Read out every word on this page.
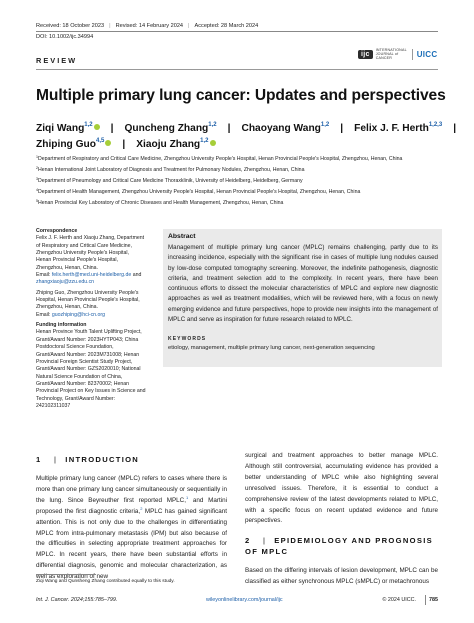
Received: 18 October 2023 | Revised: 14 February 2024 | Accepted: 28 March 2024
DOI: 10.1002/ijc.34994
ijc
INTERNATIONAL
JOURNAL of CANCER	UICC
REVIEW
Multiple primary lung cancer: Updates and perspectives
Ziqi Wang$^{1,2}$ | Quncheng Zhang$^{1,2}$ | Chaoyang Wang$^{1,2}$ | Felix J. F. Herth$^{1,2,3}$ |
Zhiping Guo$^{4,5}$ | Xiaoju Zhang$^{1,2}$
$^1$Department of Respiratory and Critical Care Medicine, Zhengzhou University People's Hospital, Henan Provincial People's Hospital, Zhengzhou, Henan, China
$^2$Henan International Joint Laboratory of Diagnosis and Treatment for Pulmonary Nodules, Zhengzhou, Henan, China
$^3$Department of Pneumology and Critical Care Medicine Thoraxklinik, University of Heidelberg, Heidelberg, Germany
$^4$Department of Health Management, Zhengzhou University People's Hospital, Henan Provincial People's Hospital, Zhengzhou, Henan, China
$^5$Henan Provincial Key Laboratory of Chronic Diseases and Health Management, Zhengzhou, Henan, China
Correspondence
Felix J. F. Herth and Xiaoju Zhang, Department
of Respiratory and Critical Care Medicine,
Zhengzhou University People's Hospital,
Henan Provincial People's Hospital,
Zhengzhou, Henan, China.
Email: felix.herth@med.uni-heidelberg.de and
zhangxiaoju@zzu.edu.cn
Zhiping Guo, Zhengzhou University People's
Hospital, Henan Provincial People's Hospital,
Zhengzhou, Henan, China.
Email: guozhiping@hci-cn.org
Funding information
Henan Province Youth Talent Uplifting Project,
Grant/Award Number: 2023HYTP043; China
Postdoctoral Science Foundation,
Grant/Award Number: 2023M731008; Henan
Provincial Foreign Scientist Study Project,
Grant/Award Number: GZS2020010; National
Natural Science Foundation of China,
Grant/Award Number: 82370002; Henan
Provincial Project on Key Issues in Science and
Technology, Grant/Award Number:
242102311037
Abstract
Management of multiple primary lung cancer (MPLC) remains challenging, partly due to its increasing incidence, especially with the significant rise in cases of multiple lung nodules caused by low-dose computed tomography screening. Moreover, the indefinite pathogenesis, diagnostic criteria, and treatment selection add to the complexity. In recent years, there have been continuous efforts to dissect the molecular characteristics of MPLC and explore new diagnostic approaches as well as treatment modalities, which will be reviewed here, with a focus on newly emerging evidence and future perspectives, hope to provide new insights into the management of MPLC and serve as inspiration for future research related to MPLC.
KEYWORDS
etiology, management, multiple primary lung cancer, next-generation sequencing
1 | INTRODUCTION
Multiple primary lung cancer (MPLC) refers to cases where there is more than one primary lung cancer simultaneously or sequentially in the lung. Since Beyreuther first reported MPLC,$^1$ and Martini proposed the first diagnostic criteria,$^2$ MPLC has gained significant attention. This is not only due to the challenges in differentiating MPLC from intra-pulmonary metastasis (IPM) but also because of the difficulties in selecting appropriate treatment approaches for MPLC. In recent years, there have been substantial efforts in differential diagnosis, genomic and molecular characterization, as well as exploration of new
surgical and treatment approaches to better manage MPLC. Although still controversial, accumulating evidence has provided a better understanding of MPLC while also highlighting several unresolved issues. Therefore, it is essential to conduct a comprehensive review of the latest developments related to MPLC, with a specific focus on recent updated evidence and future perspectives.
2 | EPIDEMIOLOGY AND PROGNOSIS
OF MPLC
Based on the differing intervals of lesion development, MPLC can be classified as either synchronous MPLC (sMPLC) or metachronous
Ziqi Wang and Qunsheng Zhang contributed equally to this study.
Int. J. Cancer. 2024;155:785–799.	wileyonlinelibrary.com/journal/ijc	© 2024 UICC. 785
